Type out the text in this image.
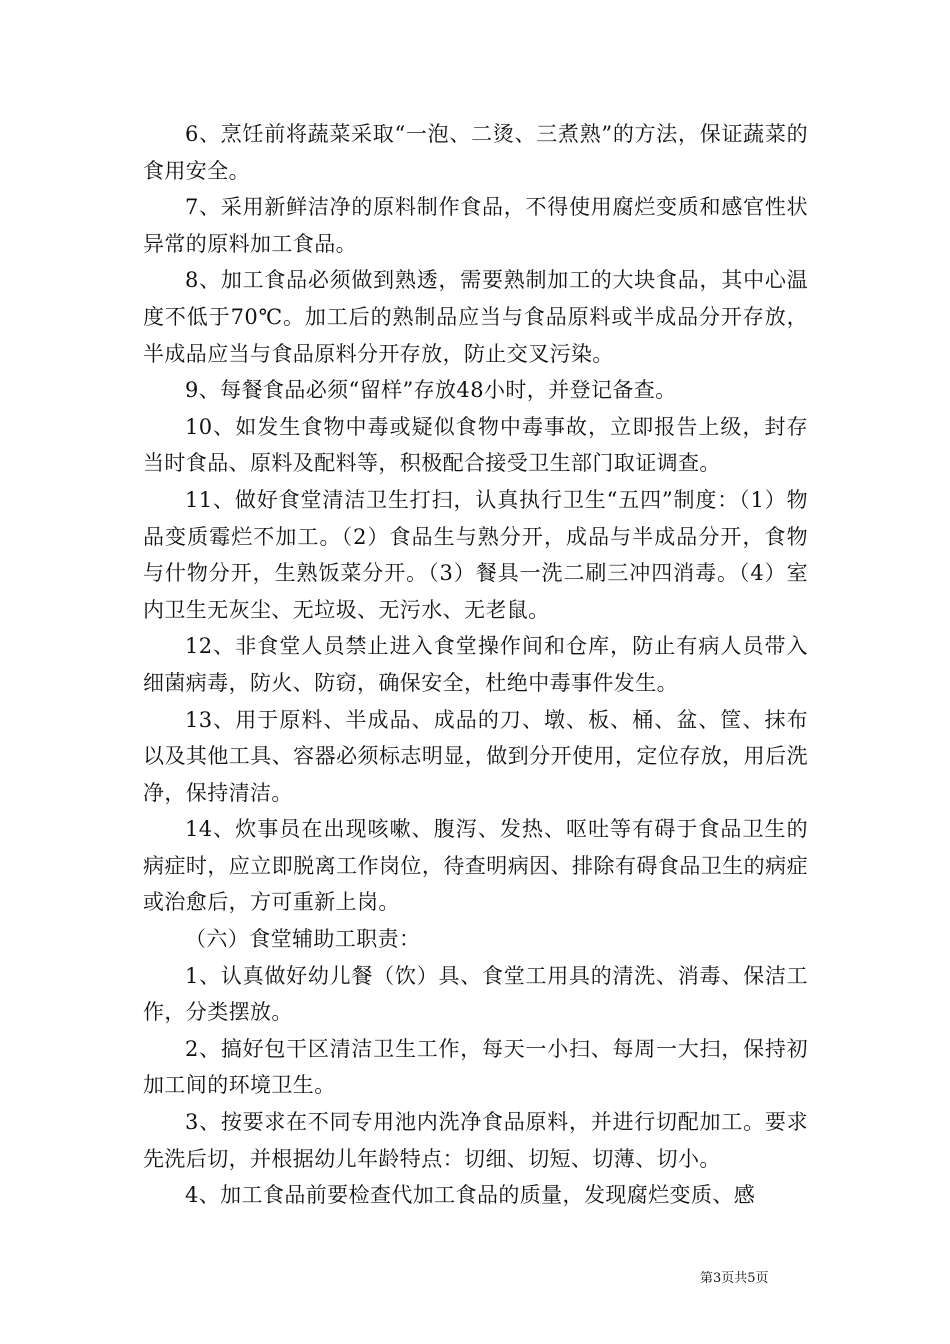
6、烹饪前将蔬菜采取“一泡、二烫、三煮熟”的方法，保证蔬菜的食用安全。

7、采用新鲜洁净的原料制作食品，不得使用腐烂变质和感官性状异常的原料加工食品。

8、加工食品必须做到熟透，需要熟制加工的大块食品，其中心温度不低于70℃。加工后的熟制品应当与食品原料或半成品分开存放，半成品应当与食品原料分开存放，防止交叉污染。

9、每餐食品必须“留样”存放48小时，并登记备查。

10、如发生食物中毒或疑似食物中毒事故，立即报告上级，封存当时食品、原料及配料等，积极配合接受卫生部门取证调查。

11、做好食堂清洁卫生打扫，认真执行卫生“五四”制度：（1）物品变质霉烂不加工。（2）食品生与熟分开，成品与半成品分开，食物与什物分开，生熟饭菜分开。（3）餐具一洗二刷三冲四消毒。（4）室内卫生无灰尘、无垃圾、无污水、无老鼠。

12、非食堂人员禁止进入食堂操作间和仓库，防止有病人员带入细菌病毒，防火、防窃，确保安全，杜绝中毒事件发生。

13、用于原料、半成品、成品的刀、墩、板、桶、盆、筐、抹布以及其他工具、容器必须标志明显，做到分开使用，定位存放，用后洗净，保持清洁。

14、炊事员在出现咳嗽、腹泻、发热、呕吐等有碍于食品卫生的病症时，应立即脱离工作岗位，待查明病因、排除有碍食品卫生的病症或治愈后，方可重新上岗。

（六）食堂辅助工职责：

1、认真做好幼儿餐（饮）具、食堂工用具的清洗、消毒、保洁工作，分类摆放。

2、搞好包干区清洁卫生工作，每天一小扫、每周一大扫，保持初加工间的环境卫生。

3、按要求在不同专用池内洗净食品原料，并进行切配加工。要求先洗后切，并根据幼儿年龄特点：切细、切短、切薄、切小。

4、加工食品前要检查代加工食品的质量，发现腐烂变质、感

第3页共5页
